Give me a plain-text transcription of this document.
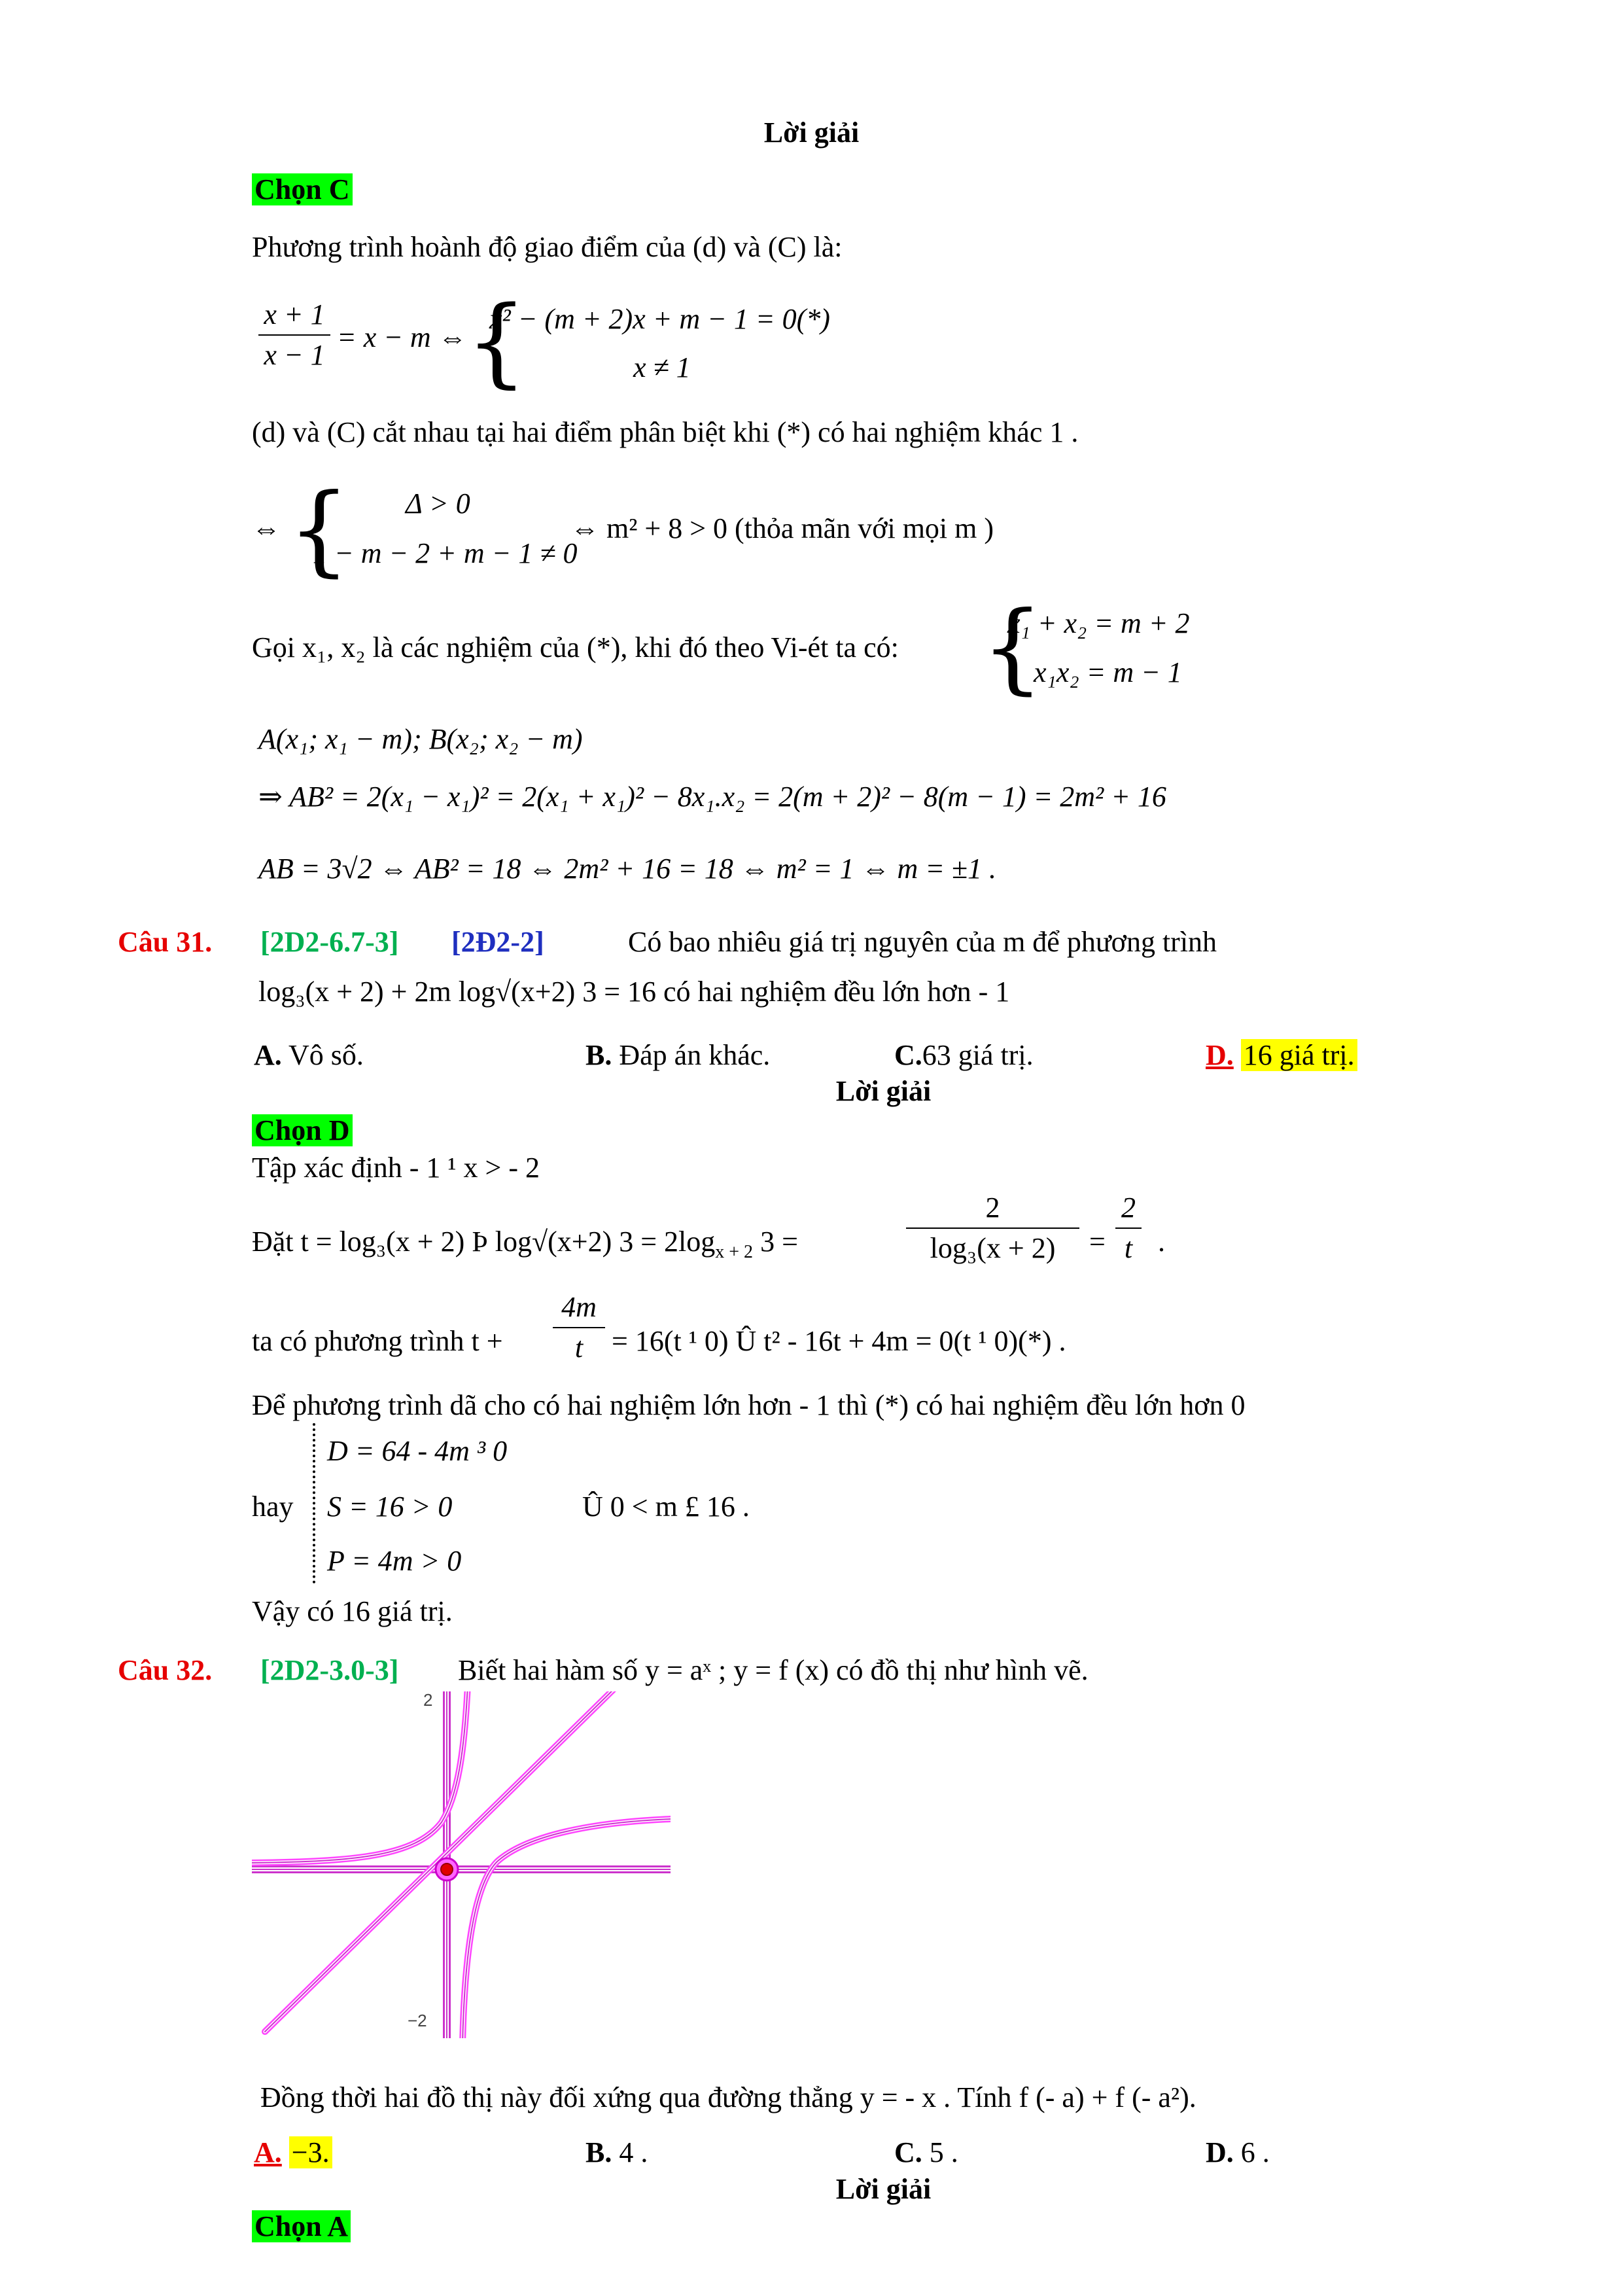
Lời giải
Chọn C
Phương trình hoành độ giao điểm của (d) và (C) là:
x + 1
x − 1
= x − m ⇔
{
x² − (m + 2)x + m − 1 = 0(*)
x ≠ 1
(d) và (C) cắt nhau tại hai điểm phân biệt khi (*) có hai nghiệm khác 1 .
⇔ { Δ > 0
1 − m − 2 + m − 1 ≠ 0
⇔ m² + 8 > 0 (thỏa mãn với mọi m )
Gọi x₁, x₂ là các nghiệm của (*), khi đó theo Vi-ét ta có: {
x₁ + x₂ = m + 2
x₁x₂ = m − 1
A(x₁; x₁ − m); B(x₂; x₂ − m)
⇒ AB² = 2(x₁ − x₁)² = 2(x₁ + x₁)² − 8x₁.x₂ = 2(m + 2)² − 8(m − 1) = 2m² + 16
AB = 3√2 ⇔ AB² = 18 ⇔ 2m² + 16 = 18 ⇔ m² = 1 ⇔ m = ±1 .
Câu 31. [2D2-6.7-3] [2Đ2-2]	Có bao nhiêu giá trị nguyên của m để phương trình
log₃(x + 2) + 2m log√(x+2) 3 = 16 có hai nghiệm đều lớn hơn - 1
A. Vô số.	B. Đáp án khác.	C.63 giá trị.	D. 16 giá trị.
Lời giải
Chọn D
Tập xác định - 1 ¹ x > - 2
Đặt t = log₃(x + 2) Þ log√(x+2) $3 = 2\log_{x + 2}$ 3 =
2
log₃(x + 2)	=
2
t .
ta có phương trình t +
4m
t = 16(t ¹ 0) Û t² - 16t + 4m = 0(t ¹ 0)(*) .
Để phương trình dã cho có hai nghiệm lớn hơn - 1 thì (*) có hai nghiệm đều lớn hơn 0
hay
D = 64 - 4m ³ 0
S = 16 > 0
P = 4m > 0
Û 0 < m £ 16 .
Vậy có 16 giá trị.
Câu 32. [2D2-3.0-3] Biết hai hàm số y = aˣ ; y = f (x) có đồ thị như hình vẽ.
2
−2
Đồng thời hai đồ thị này đối xứng qua đường thẳng y = - x . Tính f (- a) + f (- a²).
A. −3.	B. 4 .	C. 5 .	D. 6 .
Lời giải
Chọn A
